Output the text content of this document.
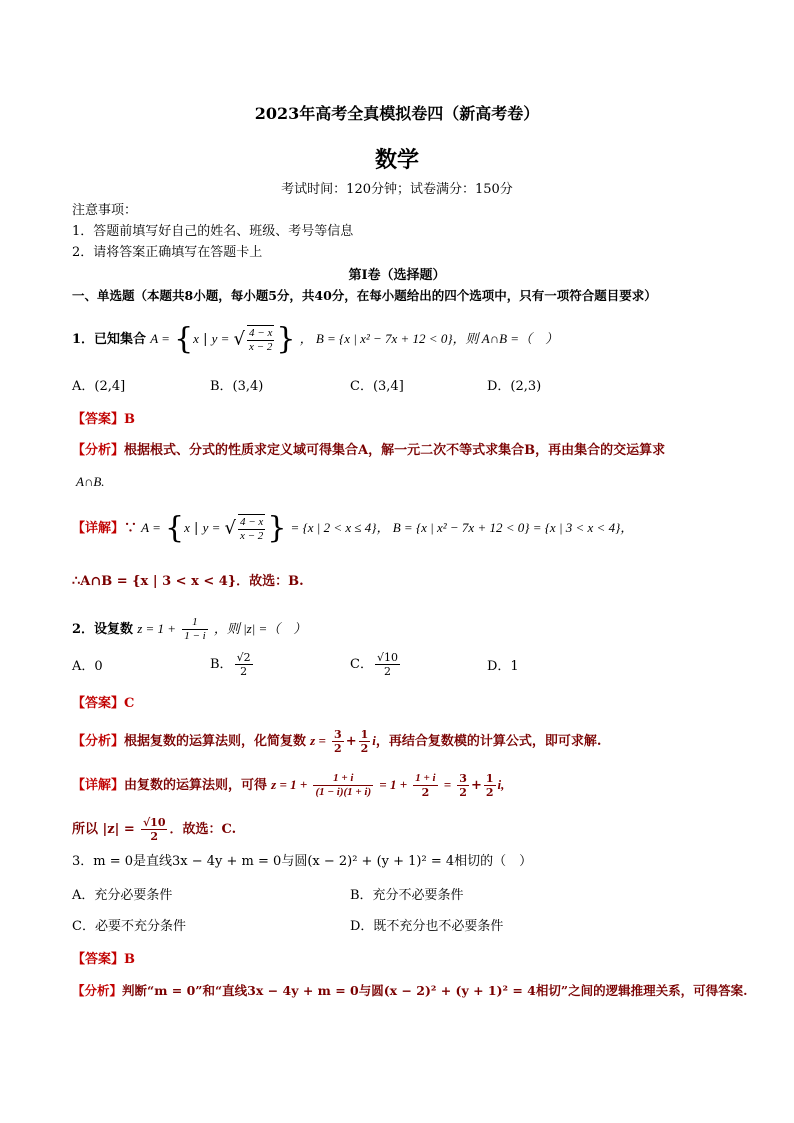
2023年高考全真模拟卷四（新高考卷）
数学
考试时间：120分钟；试卷满分：150分
注意事项：
1．答题前填写好自己的姓名、班级、考号等信息
2．请将答案正确填写在答题卡上
第I卷（选择题）
一、单选题（本题共8小题，每小题5分，共40分，在每小题给出的四个选项中，只有一项符合题目要求）
1．已知集合 A = {x | y = √ $\frac{4 - x}{x - 2}$ } ， B = {x | x² − 7x + 12 < 0}，则 A∩B =（　）
A．(2,4]	B．(3,4)	C．(3,4]	D．(2,3)
【答案】B
【分析】根据根式、分式的性质求定义域可得集合A，解一元二次不等式求集合B，再由集合的交运算求
A∩B.
【详解】∵ A = {x | y = √ $\frac{4 - x}{x - 2}$ } = {x | 2 < x ≤ 4}， B = {x | x² − 7x + 12 < 0} = {x | 3 < x < 4}，
∴A∩B = {x | 3 < x < 4}．故选：B.
2．设复数 $z = 1 + \frac{1}{1 - i}$ ，则 |z| =（　）
A．0	B． $\frac{√2}{2}$	C． $\frac{√10}{2}$	D．1
【答案】C
【分析】根据复数的运算法则，化简复数 $z = \frac{3}{2} + \frac{1}{2}$ i，再结合复数模的计算公式，即可求解.
【详解】由复数的运算法则，可得 $z = 1 + \frac{1 + i}{(1 - i)(1 + i)} = 1 + \frac{1 + i}{2} = \frac{3}{2} + \frac{1}{2} i$,
所以 $|z| = \frac{√10}{2}$ ．故选：C.
3．m = 0是直线3x − 4y + m = 0与圆(x − 2)² + (y + 1)² = 4相切的（　）
A．充分必要条件	B．充分不必要条件
C．必要不充分条件	D．既不充分也不必要条件
【答案】B
【分析】判断“m = 0”和“直线3x − 4y + m = 0与圆(x − 2)² + (y + 1)² = 4相切”之间的逻辑推理关系，可得答案.
